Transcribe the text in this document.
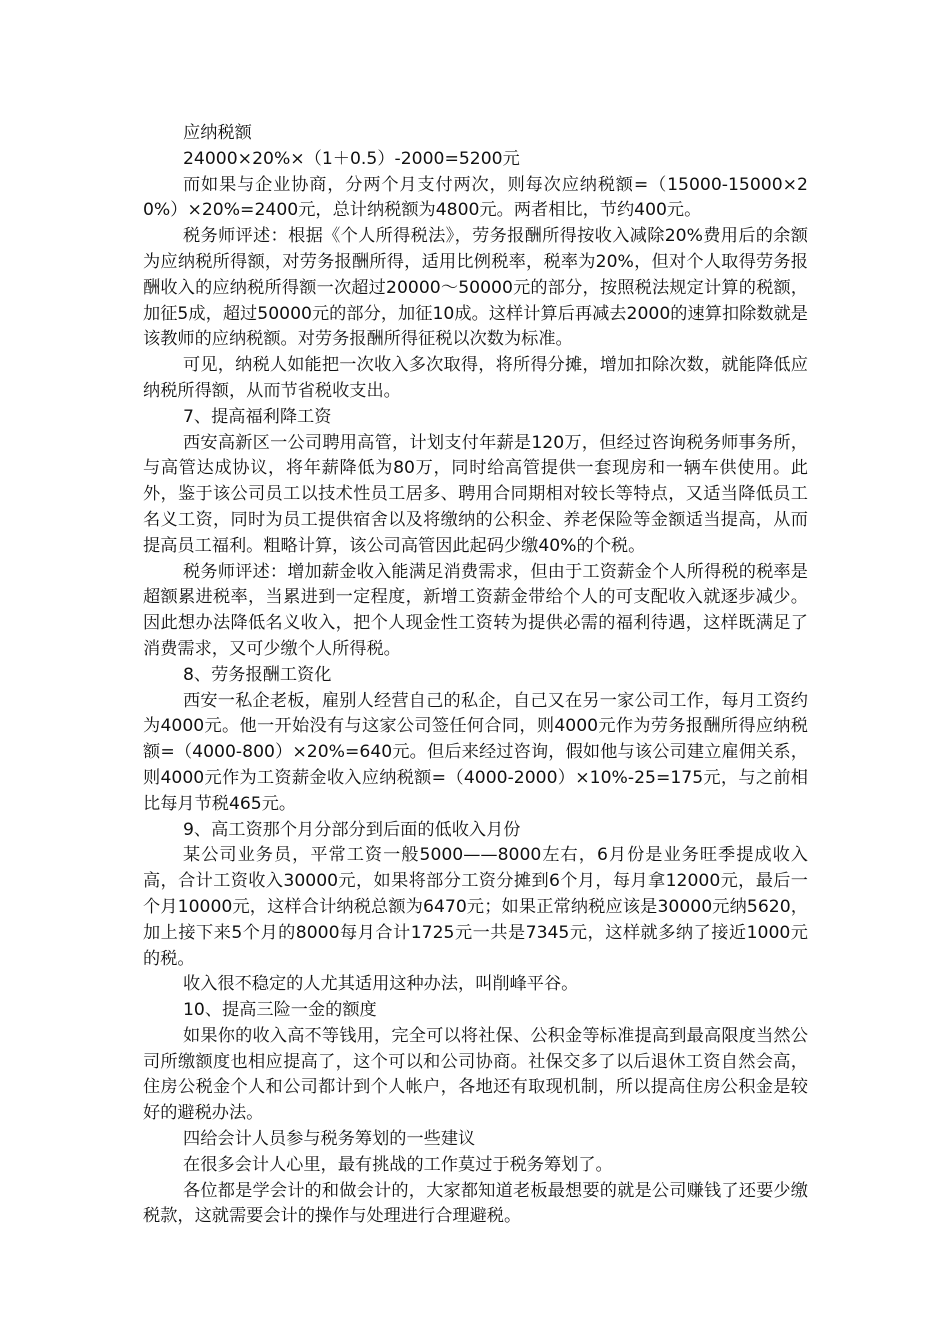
应纳税额

24000×20%×（1＋0.5）-2000=5200元

而如果与企业协商，分两个月支付两次，则每次应纳税额=（15000-15000×20%）×20%=2400元，总计纳税额为4800元。两者相比，节约400元。

税务师评述：根据《个人所得税法》，劳务报酬所得按收入减除20%费用后的余额为应纳税所得额，对劳务报酬所得，适用比例税率，税率为20%，但对个人取得劳务报酬收入的应纳税所得额一次超过20000～50000元的部分，按照税法规定计算的税额，加征5成，超过50000元的部分，加征10成。这样计算后再减去2000的速算扣除数就是该教师的应纳税额。对劳务报酬所得征税以次数为标准。

可见，纳税人如能把一次收入多次取得，将所得分摊，增加扣除次数，就能降低应纳税所得额，从而节省税收支出。

7、提高福利降工资

西安高新区一公司聘用高管，计划支付年薪是120万，但经过咨询税务师事务所，与高管达成协议，将年薪降低为80万，同时给高管提供一套现房和一辆车供使用。此外，鉴于该公司员工以技术性员工居多、聘用合同期相对较长等特点，又适当降低员工名义工资，同时为员工提供宿舍以及将缴纳的公积金、养老保险等金额适当提高，从而提高员工福利。粗略计算，该公司高管因此起码少缴40%的个税。

税务师评述：增加薪金收入能满足消费需求，但由于工资薪金个人所得税的税率是超额累进税率，当累进到一定程度，新增工资薪金带给个人的可支配收入就逐步减少。因此想办法降低名义收入，把个人现金性工资转为提供必需的福利待遇，这样既满足了消费需求，又可少缴个人所得税。

8、劳务报酬工资化

西安一私企老板，雇别人经营自己的私企，自己又在另一家公司工作，每月工资约为4000元。他一开始没有与这家公司签任何合同，则4000元作为劳务报酬所得应纳税额=（4000-800）×20%=640元。但后来经过咨询，假如他与该公司建立雇佣关系，则4000元作为工资薪金收入应纳税额=（4000-2000）×10%-25=175元，与之前相比每月节税465元。

9、高工资那个月分部分到后面的低收入月份

某公司业务员，平常工资一般5000——8000左右，6月份是业务旺季提成收入高，合计工资收入30000元，如果将部分工资分摊到6个月，每月拿12000元，最后一个月10000元，这样合计纳税总额为6470元；如果正常纳税应该是30000元纳5620，加上接下来5个月的8000每月合计1725元一共是7345元，这样就多纳了接近1000元的税。

收入很不稳定的人尤其适用这种办法，叫削峰平谷。

10、提高三险一金的额度

如果你的收入高不等钱用，完全可以将社保、公积金等标准提高到最高限度当然公司所缴额度也相应提高了，这个可以和公司协商。社保交多了以后退休工资自然会高，住房公税金个人和公司都计到个人帐户，各地还有取现机制，所以提高住房公积金是较好的避税办法。

四给会计人员参与税务筹划的一些建议

在很多会计人心里，最有挑战的工作莫过于税务筹划了。

各位都是学会计的和做会计的，大家都知道老板最想要的就是公司赚钱了还要少缴税款，这就需要会计的操作与处理进行合理避税。
